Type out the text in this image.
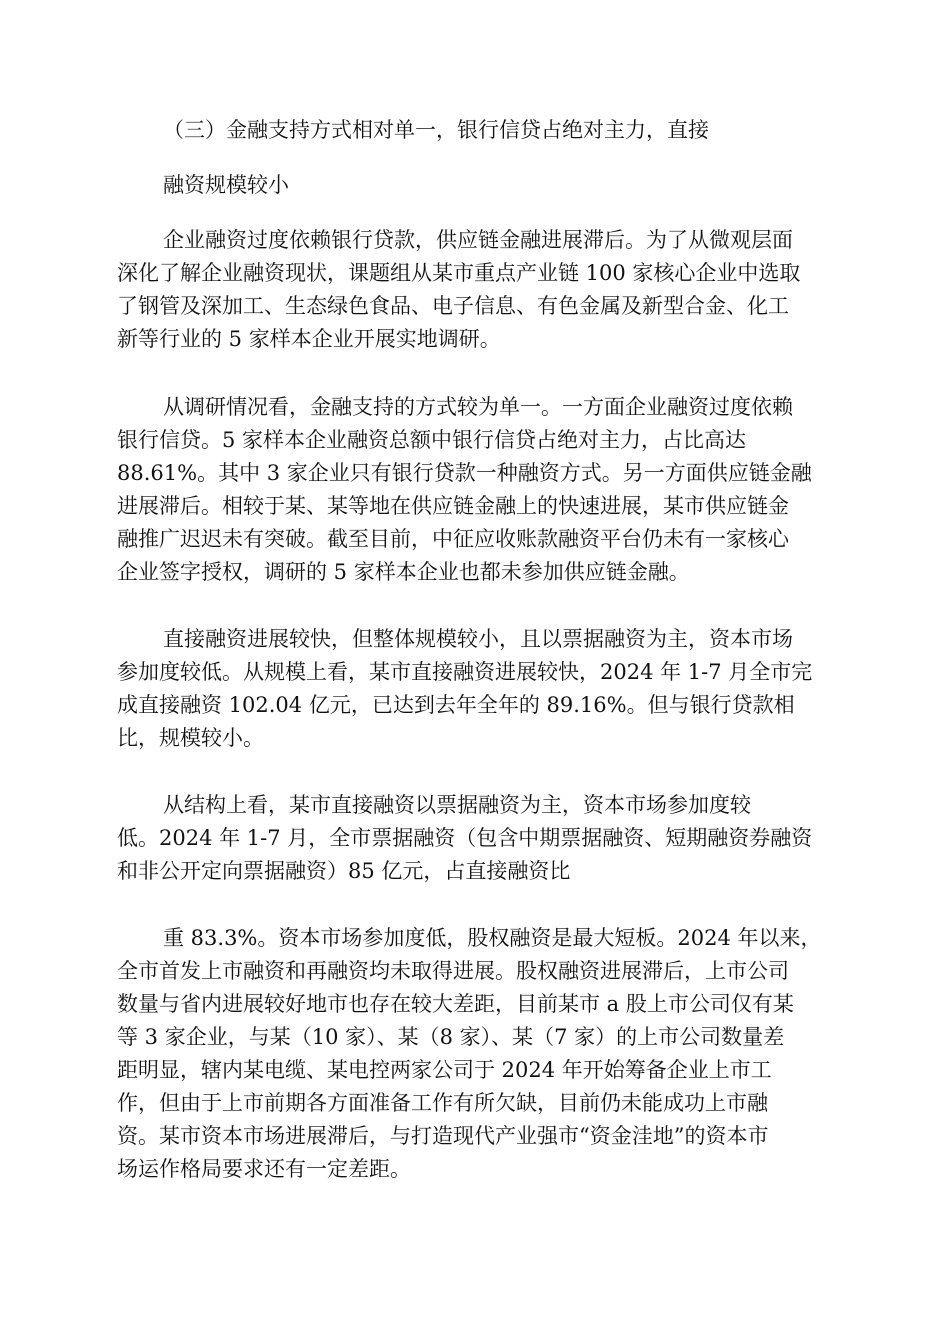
（三）金融支持方式相对单一，银行信贷占绝对主力，直接
融资规模较小
企业融资过度依赖银行贷款，供应链金融进展滞后。为了从微观层面
深化了解企业融资现状，课题组从某市重点产业链 100 家核心企业中选取
了钢管及深加工、生态绿色食品、电子信息、有色金属及新型合金、化工
新等行业的 5 家样本企业开展实地调研。
从调研情况看，金融支持的方式较为单一。一方面企业融资过度依赖
银行信贷。5 家样本企业融资总额中银行信贷占绝对主力，占比高达
88.61%。其中 3 家企业只有银行贷款一种融资方式。另一方面供应链金融
进展滞后。相较于某、某等地在供应链金融上的快速进展，某市供应链金
融推广迟迟未有突破。截至目前，中征应收账款融资平台仍未有一家核心
企业签字授权，调研的 5 家样本企业也都未参加供应链金融。
直接融资进展较快，但整体规模较小，且以票据融资为主，资本市场
参加度较低。从规模上看，某市直接融资进展较快，2024 年 1-7 月全市完
成直接融资 102.04 亿元，已达到去年全年的 89.16%。但与银行贷款相
比，规模较小。
从结构上看，某市直接融资以票据融资为主，资本市场参加度较
低。2024 年 1-7 月，全市票据融资（包含中期票据融资、短期融资券融资
和非公开定向票据融资）85 亿元，占直接融资比
重 83.3%。资本市场参加度低，股权融资是最大短板。2024 年以来，
全市首发上市融资和再融资均未取得进展。股权融资进展滞后，上市公司
数量与省内进展较好地市也存在较大差距，目前某市 a 股上市公司仅有某
等 3 家企业，与某（10 家）、某（8 家）、某（7 家）的上市公司数量差
距明显，辖内某电缆、某电控两家公司于 2024 年开始筹备企业上市工
作，但由于上市前期各方面准备工作有所欠缺，目前仍未能成功上市融
资。某市资本市场进展滞后，与打造现代产业强市“资金洼地”的资本市
场运作格局要求还有一定差距。
